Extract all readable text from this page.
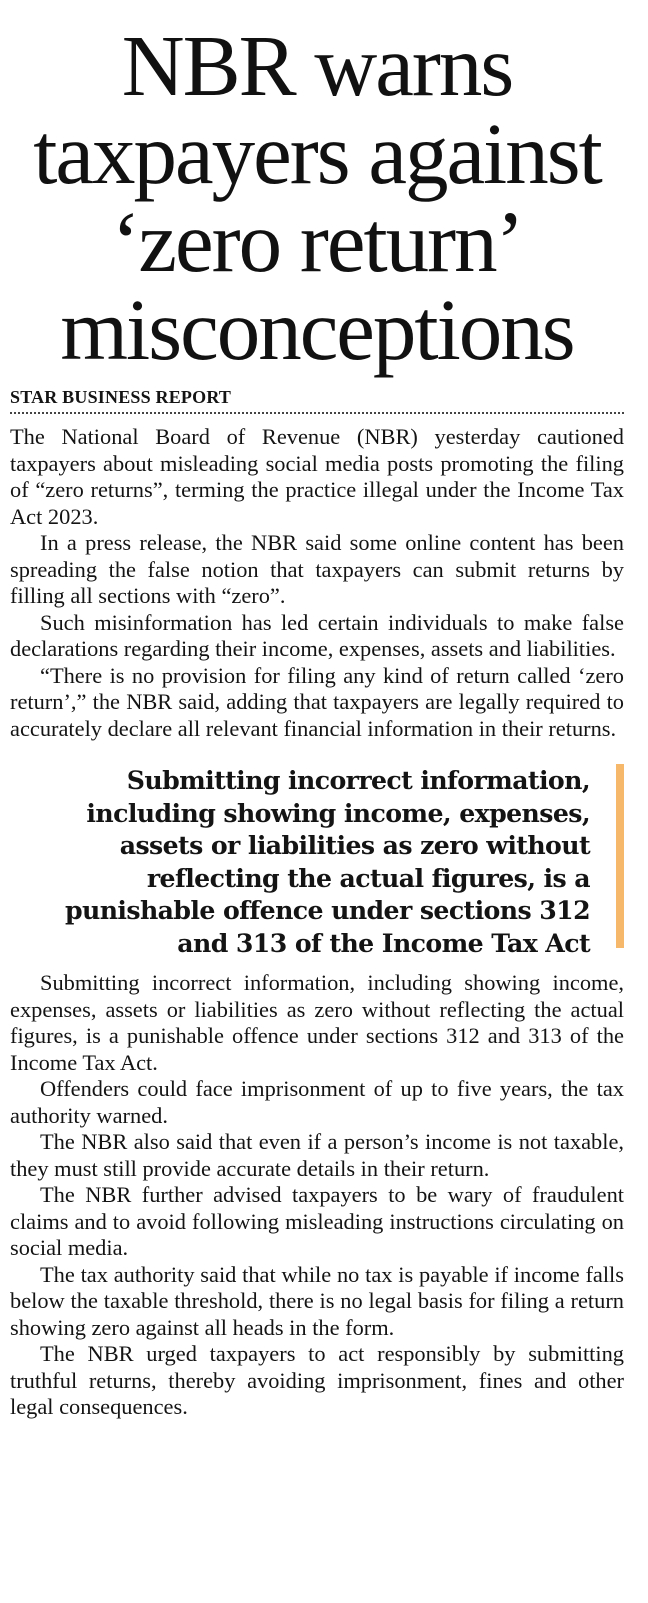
NBR warns
taxpayers against
‘zero return’
misconceptions
STAR BUSINESS REPORT

The National Board of Revenue (NBR) yesterday cautioned taxpayers about misleading social media posts promoting the filing of “zero returns”, terming the practice illegal under the Income Tax Act 2023.

In a press release, the NBR said some online content has been spreading the false notion that taxpayers can submit returns by filling all sections with “zero”.

Such misinformation has led certain individuals to make false declarations regarding their income, expenses, assets and liabilities.

“There is no provision for filing any kind of return called ‘zero return’,” the NBR said, adding that taxpayers are legally required to accurately declare all relevant financial information in their returns.

Submitting incorrect information,
including showing income, expenses,
assets or liabilities as zero without
reflecting the actual figures, is a
punishable offence under sections 312
and 313 of the Income Tax Act

Submitting incorrect information, including showing income, expenses, assets or liabilities as zero without reflecting the actual figures, is a punishable offence under sections 312 and 313 of the Income Tax Act.

Offenders could face imprisonment of up to five years, the tax authority warned.

The NBR also said that even if a person’s income is not taxable, they must still provide accurate details in their return.

The NBR further advised taxpayers to be wary of fraudulent claims and to avoid following misleading instructions circulating on social media.

The tax authority said that while no tax is payable if income falls below the taxable threshold, there is no legal basis for filing a return showing zero against all heads in the form.

The NBR urged taxpayers to act responsibly by submitting truthful returns, thereby avoiding imprisonment, fines and other legal consequences.
